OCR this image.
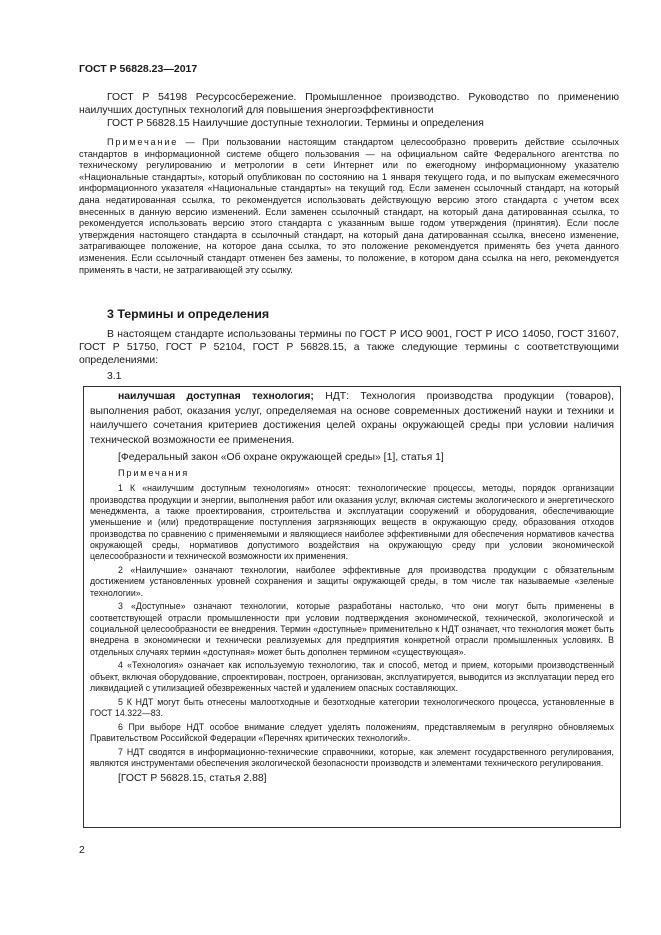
ГОСТ Р 56828.23—2017

ГОСТ Р 54198 Ресурсосбережение. Промышленное производство. Руководство по применению наилучших доступных технологий для повышения энергоэффективности

ГОСТ Р 56828.15 Наилучшие доступные технологии. Термины и определения

Примечание — При пользовании настоящим стандартом целесообразно проверить действие ссылочных стандартов в информационной системе общего пользования — на официальном сайте Федерального агентства по техническому регулированию и метрологии в сети Интернет или по ежегодному информационному указателю «Национальные стандарты», который опубликован по состоянию на 1 января текущего года, и по выпускам ежемесячного информационного указателя «Национальные стандарты» на текущий год. Если заменен ссылочный стандарт, на который дана недатированная ссылка, то рекомендуется использовать действующую версию этого стандарта с учетом всех внесенных в данную версию изменений. Если заменен ссылочный стандарт, на который дана датированная ссылка, то рекомендуется использовать версию этого стандарта с указанным выше годом утверждения (принятия). Если после утверждения настоящего стандарта в ссылочный стандарт, на который дана датированная ссылка, внесено изменение, затрагивающее положение, на которое дана ссылка, то это положение рекомендуется применять без учета данного изменения. Если ссылочный стандарт отменен без замены, то положение, в котором дана ссылка на него, рекомендуется применять в части, не затрагивающей эту ссылку.

3 Термины и определения

В настоящем стандарте использованы термины по ГОСТ Р ИСО 9001, ГОСТ Р ИСО 14050, ГОСТ 31607, ГОСТ Р 51750, ГОСТ Р 52104, ГОСТ Р 56828.15, а также следующие термины с соответствующими определениями:

3.1

наилучшая доступная технология; НДТ: Технология производства продукции (товаров), выполнения работ, оказания услуг, определяемая на основе современных достижений науки и техники и наилучшего сочетания критериев достижения целей охраны окружающей среды при условии наличия технической возможности ее применения.

[Федеральный закон «Об охране окружающей среды» [1], статья 1]

Примечания

1 К «наилучшим доступным технологиям» относят: технологические процессы, методы, порядок организации производства продукции и энергии, выполнения работ или оказания услуг, включая системы экологического и энергетического менеджмента, а также проектирования, строительства и эксплуатации сооружений и оборудования, обеспечивающие уменьшение и (или) предотвращение поступления загрязняющих веществ в окружающую среду, образования отходов производства по сравнению с применяемыми и являющиеся наиболее эффективными для обеспечения нормативов качества окружающей среды, нормативов допустимого воздействия на окружающую среду при условии экономической целесообразности и технической возможности их применения.

2 «Наилучшие» означают технологии, наиболее эффективные для производства продукции с обязательным достижением установленных уровней сохранения и защиты окружающей среды, в том числе так называемые «зеленые технологии».

3 «Доступные» означают технологии, которые разработаны настолько, что они могут быть применены в соответствующей отрасли промышленности при условии подтверждения экономической, технической, экологической и социальной целесообразности ее внедрения. Термин «доступные» применительно к НДТ означает, что технология может быть внедрена в экономически и технически реализуемых для предприятия конкретной отрасли промышленных условиях. В отдельных случаях термин «доступная» может быть дополнен термином «существующая».

4 «Технология» означает как используемую технологию, так и способ, метод и прием, которыми производственный объект, включая оборудование, спроектирован, построен, организован, эксплуатируется, выводится из эксплуатации перед его ликвидацией с утилизацией обезвреженных частей и удалением опасных составляющих.

5 К НДТ могут быть отнесены малоотходные и безотходные категории технологического процесса, установленные в ГОСТ 14.322—83.

6 При выборе НДТ особое внимание следует уделять положениям, представляемым в регулярно обновляемых Правительством Российской Федерации «Перечнях критических технологий».

7 НДТ сводятся в информационно-технические справочники, которые, как элемент государственного регулирования, являются инструментами обеспечения экологической безопасности производств и элементами технического регулирования.

[ГОСТ Р 56828.15, статья 2.88]

2
